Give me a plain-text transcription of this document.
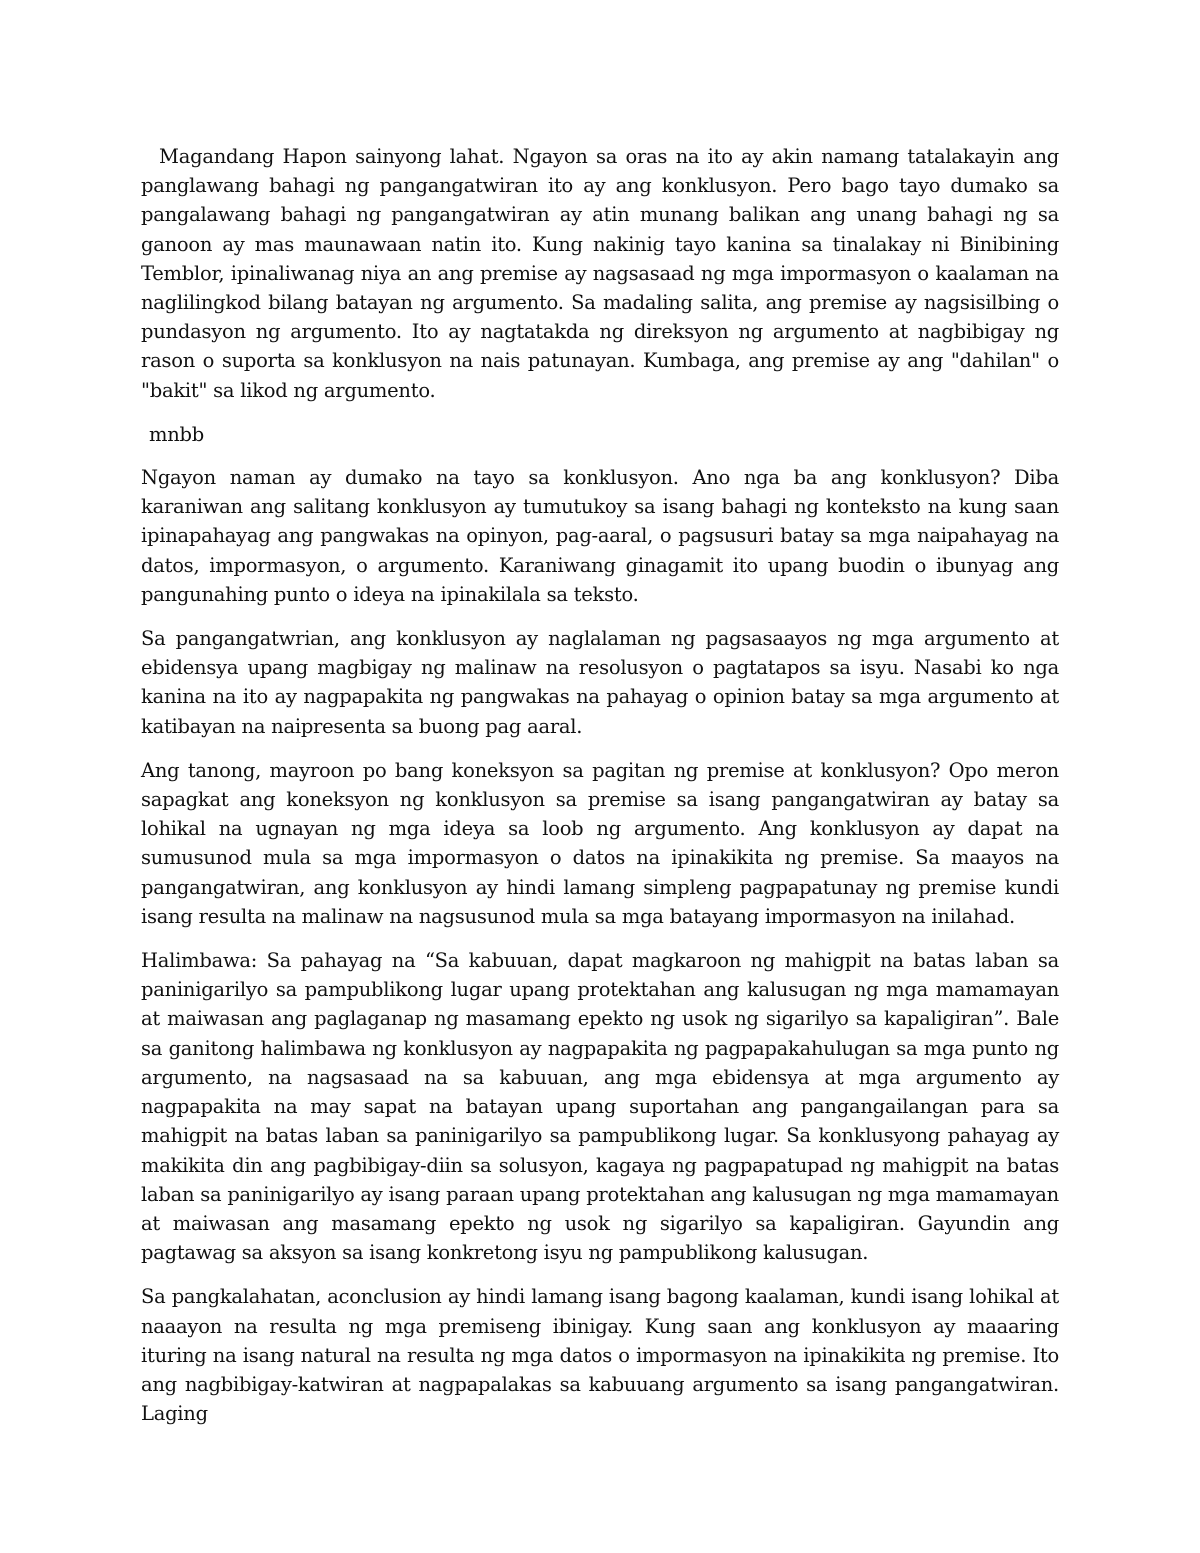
Magandang Hapon sainyong lahat. Ngayon sa oras na ito ay akin namang tatalakayin ang panglawang bahagi ng pangangatwiran ito ay ang konklusyon. Pero bago tayo dumako sa pangalawang bahagi ng pangangatwiran ay atin munang balikan ang unang bahagi ng sa ganoon ay mas maunawaan natin ito. Kung nakinig tayo kanina sa tinalakay ni Binibining Temblor, ipinaliwanag niya an ang premise ay nagsasaad ng mga impormasyon o kaalaman na naglilingkod bilang batayan ng argumento. Sa madaling salita, ang premise ay nagsisilbing o pundasyon ng argumento. Ito ay nagtatakda ng direksyon ng argumento at nagbibigay ng rason o suporta sa konklusyon na nais patunayan. Kumbaga, ang premise ay ang "dahilan" o "bakit" sa likod ng argumento.

mnbb

Ngayon naman ay dumako na tayo sa konklusyon. Ano nga ba ang konklusyon? Diba karaniwan ang salitang konklusyon ay tumutukoy sa isang bahagi ng konteksto na kung saan ipinapahayag ang pangwakas na opinyon, pag-aaral, o pagsusuri batay sa mga naipahayag na datos, impormasyon, o argumento. Karaniwang ginagamit ito upang buodin o ibunyag ang pangunahing punto o ideya na ipinakilala sa teksto.

Sa pangangatwrian, ang konklusyon ay naglalaman ng pagsasaayos ng mga argumento at ebidensya upang magbigay ng malinaw na resolusyon o pagtatapos sa isyu. Nasabi ko nga kanina na ito ay nagpapakita ng pangwakas na pahayag o opinion batay sa mga argumento at katibayan na naipresenta sa buong pag aaral.

Ang tanong, mayroon po bang koneksyon sa pagitan ng premise at konklusyon? Opo meron sapagkat ang koneksyon ng konklusyon sa premise sa isang pangangatwiran ay batay sa lohikal na ugnayan ng mga ideya sa loob ng argumento. Ang konklusyon ay dapat na sumusunod mula sa mga impormasyon o datos na ipinakikita ng premise. Sa maayos na pangangatwiran, ang konklusyon ay hindi lamang simpleng pagpapatunay ng premise kundi isang resulta na malinaw na nagsusunod mula sa mga batayang impormasyon na inilahad.

Halimbawa: Sa pahayag na “Sa kabuuan, dapat magkaroon ng mahigpit na batas laban sa paninigarilyo sa pampublikong lugar upang protektahan ang kalusugan ng mga mamamayan at maiwasan ang paglaganap ng masamang epekto ng usok ng sigarilyo sa kapaligiran”. Bale sa ganitong halimbawa ng konklusyon ay nagpapakita ng pagpapakahulugan sa mga punto ng argumento, na nagsasaad na sa kabuuan, ang mga ebidensya at mga argumento ay nagpapakita na may sapat na batayan upang suportahan ang pangangailangan para sa mahigpit na batas laban sa paninigarilyo sa pampublikong lugar. Sa konklusyong pahayag ay makikita din ang pagbibigay-diin sa solusyon, kagaya ng pagpapatupad ng mahigpit na batas laban sa paninigarilyo ay isang paraan upang protektahan ang kalusugan ng mga mamamayan at maiwasan ang masamang epekto ng usok ng sigarilyo sa kapaligiran. Gayundin ang pagtawag sa aksyon sa isang konkretong isyu ng pampublikong kalusugan.

Sa pangkalahatan, aconclusion ay hindi lamang isang bagong kaalaman, kundi isang lohikal at naaayon na resulta ng mga premiseng ibinigay. Kung saan ang konklusyon ay maaaring ituring na isang natural na resulta ng mga datos o impormasyon na ipinakikita ng premise. Ito ang nagbibigay-katwiran at nagpapalakas sa kabuuang argumento sa isang pangangatwiran. Laging
